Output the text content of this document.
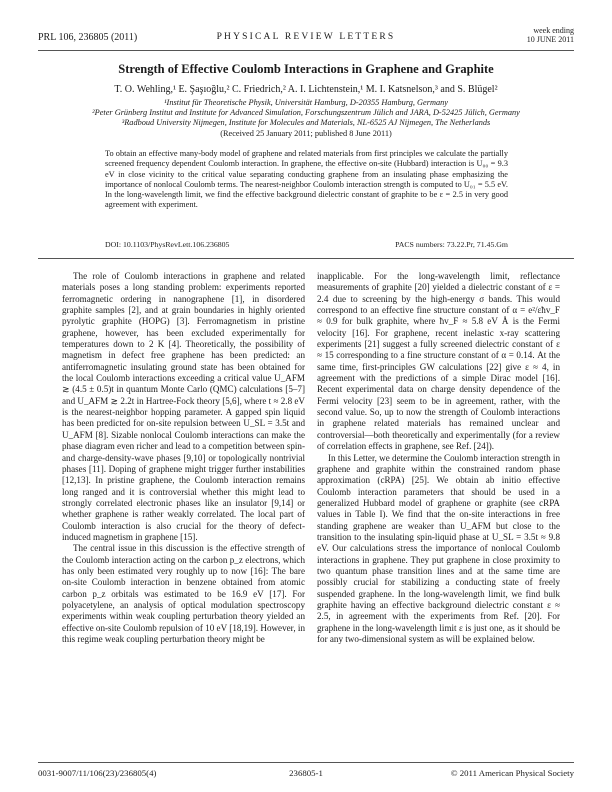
PRL 106, 236805 (2011)	PHYSICAL REVIEW LETTERS
week ending
10 JUNE 2011
Strength of Effective Coulomb Interactions in Graphene and Graphite
T. O. Wehling,¹ E. Şaşıoğlu,² C. Friedrich,² A. I. Lichtenstein,¹ M. I. Katsnelson,³ and S. Blügel²
¹Institut für Theoretische Physik, Universität Hamburg, D-20355 Hamburg, Germany
²Peter Grünberg Institut and Institute for Advanced Simulation, Forschungszentrum Jülich and JARA, D-52425 Jülich, Germany
³Radboud University Nijmegen, Institute for Molecules and Materials, NL-6525 AJ Nijmegen, The Netherlands
(Received 25 January 2011; published 8 June 2011)
To obtain an effective many-body model of graphene and related materials from first principles we calculate the partially screened frequency dependent Coulomb interaction. In graphene, the effective on-site (Hubbard) interaction is U₀₀ = 9.3 eV in close vicinity to the critical value separating conducting graphene from an insulating phase emphasizing the importance of nonlocal Coulomb terms. The nearest-neighbor Coulomb interaction strength is computed to U₀₁ = 5.5 eV. In the long-wavelength limit, we find the effective background dielectric constant of graphite to be ε = 2.5 in very good agreement with experiment.
DOI: 10.1103/PhysRevLett.106.236805	PACS numbers: 73.22.Pr, 71.45.Gm

The role of Coulomb interactions in graphene and related materials poses a long standing problem: experiments reported ferromagnetic ordering in nanographene [1], in disordered graphite samples [2], and at grain boundaries in highly oriented pyrolytic graphite (HOPG) [3]. Ferromagnetism in pristine graphene, however, has been excluded experimentally for temperatures down to 2 K [4]. Theoretically, the possibility of magnetism in defect free graphene has been predicted: an antiferromagnetic insulating ground state has been obtained for the local Coulomb interactions exceeding a critical value U_AFM ≳ (4.5 ± 0.5)t in quantum Monte Carlo (QMC) calculations [5–7] and U_AFM ≳ 2.2t in Hartree-Fock theory [5,6], where t ≈ 2.8 eV is the nearest-neighbor hopping parameter. A gapped spin liquid has been predicted for on-site repulsion between U_SL = 3.5t and U_AFM [8]. Sizable nonlocal Coulomb interactions can make the phase diagram even richer and lead to a competition between spin- and charge-density-wave phases [9,10] or topologically nontrivial phases [11]. Doping of graphene might trigger further instabilities [12,13]. In pristine graphene, the Coulomb interaction remains long ranged and it is controversial whether this might lead to strongly correlated electronic phases like an insulator [9,14] or whether graphene is rather weakly correlated. The local part of Coulomb interaction is also crucial for the theory of defect-induced magnetism in graphene [15].

The central issue in this discussion is the effective strength of the Coulomb interaction acting on the carbon p_z electrons, which has only been estimated very roughly up to now [16]: The bare on-site Coulomb interaction in benzene obtained from atomic carbon p_z orbitals was estimated to be 16.9 eV [17]. For polyacetylene, an analysis of optical modulation spectroscopy experiments within weak coupling perturbation theory yielded an effective on-site Coulomb repulsion of 10 eV [18,19]. However, in this regime weak coupling perturbation theory might be

inapplicable. For the long-wavelength limit, reflectance measurements of graphite [20] yielded a dielectric constant of ε = 2.4 due to screening by the high-energy σ bands. This would correspond to an effective fine structure constant of α = e²/εħv_F ≈ 0.9 for bulk graphite, where ħv_F ≈ 5.8 eV Å is the Fermi velocity [16]. For graphene, recent inelastic x-ray scattering experiments [21] suggest a fully screened dielectric constant of ε ≈ 15 corresponding to a fine structure constant of α = 0.14. At the same time, first-principles GW calculations [22] give ε ≈ 4, in agreement with the predictions of a simple Dirac model [16]. Recent experimental data on charge density dependence of the Fermi velocity [23] seem to be in agreement, rather, with the second value. So, up to now the strength of Coulomb interactions in graphene related materials has remained unclear and controversial—both theoretically and experimentally (for a review of correlation effects in graphene, see Ref. [24]).

In this Letter, we determine the Coulomb interaction strength in graphene and graphite within the constrained random phase approximation (cRPA) [25]. We obtain ab initio effective Coulomb interaction parameters that should be used in a generalized Hubbard model of graphene or graphite (see cRPA values in Table I). We find that the on-site interactions in free standing graphene are weaker than U_AFM but close to the transition to the insulating spin-liquid phase at U_SL = 3.5t ≈ 9.8 eV. Our calculations stress the importance of nonlocal Coulomb interactions in graphene. They put graphene in close proximity to two quantum phase transition lines and at the same time are possibly crucial for stabilizing a conducting state of freely suspended graphene. In the long-wavelength limit, we find bulk graphite having an effective background dielectric constant ε ≈ 2.5, in agreement with the experiments from Ref. [20]. For graphene in the long-wavelength limit ε is just one, as it should be for any two-dimensional system as will be explained below.

0031-9007/11/106(23)/236805(4)	236805-1	© 2011 American Physical Society
